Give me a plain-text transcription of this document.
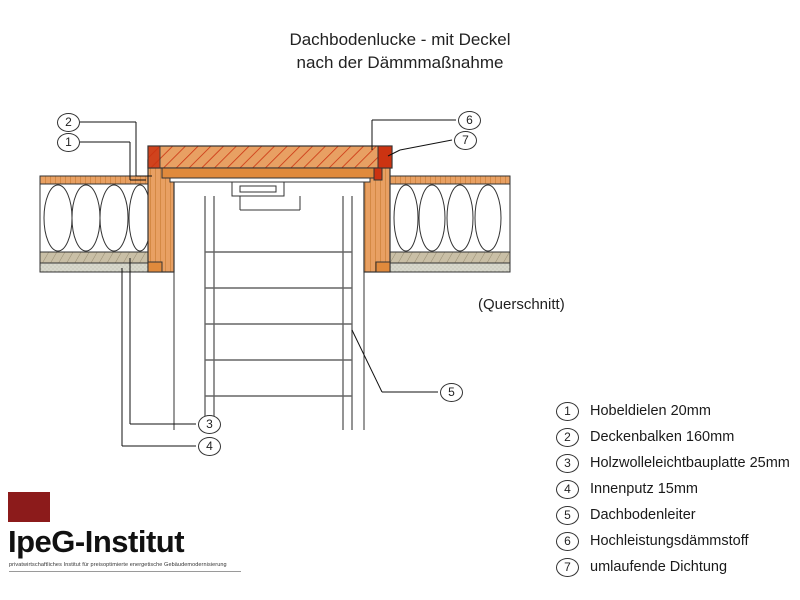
Dachbodenlucke - mit Deckel
nach der Dämmmaßnahme
2
1
6
7
5
3
4
(Querschnitt)
1	Hobeldielen 20mm
2	Deckenbalken 160mm
3	Holzwolleleichtbauplatte 25mm
4	Innenputz 15mm
5	Dachbodenleiter
6	Hochleistungsdämmstoff
7	umlaufende Dichtung
IpeG-Institut
privatwirtschaftliches Institut für preisoptimierte energetische Gebäudemodernisierung
